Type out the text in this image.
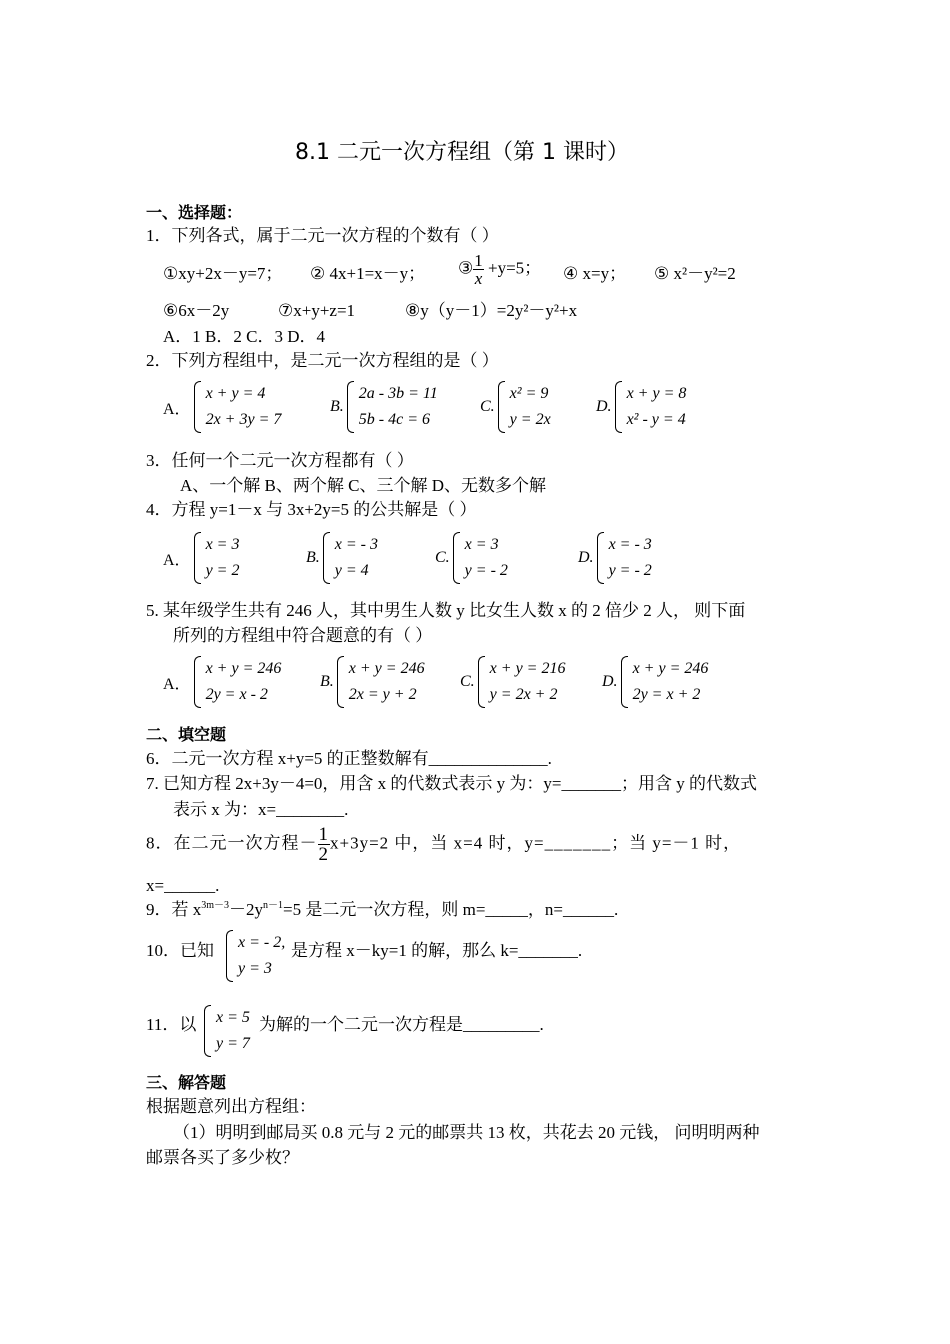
8.1 二元一次方程组（第 1 课时）
一、选择题：
1．下列各式，属于二元一次方程的个数有（ ）
①xy+2x－y=7； ② 4x+1=x－y； ③ $\frac{1}{x} +y=5$； ④ x=y； ⑤ x²－y²=2
⑥6x－2y	⑦x+y+z=1	⑧y（y－1）=2y²－y²+x
A．1 B．2 C．3 D．4
2．下列方程组中，是二元一次方程组的是（ ）
A．
x + y = 4
2x + 3y = 7
B.
2a - 3b = 11
5b - 4c = 6
C.
x² = 9
y = 2x
D.
x + y = 8
x² - y = 4
3．任何一个二元一次方程都有（ ）
A、一个解 B、两个解 C、三个解 D、无数多个解
4．方程 y=1－x 与 3x+2y=5 的公共解是（ ）
A．
x = 3
y = 2
B.
x = - 3
y = 4
C.
x = 3
y = - 2
D.
x = - 3
y = - 2
5. 某年级学生共有 246 人，其中男生人数 y 比女生人数 x 的 2 倍少 2 人， 则下面
所列的方程组中符合题意的有（ ）
A．
x + y = 246
2y = x - 2
B.
x + y = 246
2x = y + 2
C.
x + y = 216
y = 2x + 2
D.
x + y = 246
2y = x + 2
二、填空题
6．二元一次方程 x+y=5 的正整数解有______________.
7. 已知方程 2x+3y－4=0，用含 x 的代数式表示 y 为：y=_______；用含 y 的代数式
表示 x 为：x=________.
8．在二元一次方程－ $\frac{1}{2} x+3y=2$ 中，当 x=4 时，y=_______；当 y=－1 时，
x=______.
9．若 $x^{3m-3}-2y^{n-1}=5$ 是二元一次方程，则 m=_____，n=______.
10．已知 x = - 2,
y = 3
是方程 x－ky=1 的解，那么 k=_______.
11．以 x = 5
y = 7
为解的一个二元一次方程是_________.
三、解答题
根据题意列出方程组：
（1）明明到邮局买 0.8 元与 2 元的邮票共 13 枚，共花去 20 元钱， 问明明两种
邮票各买了多少枚？
